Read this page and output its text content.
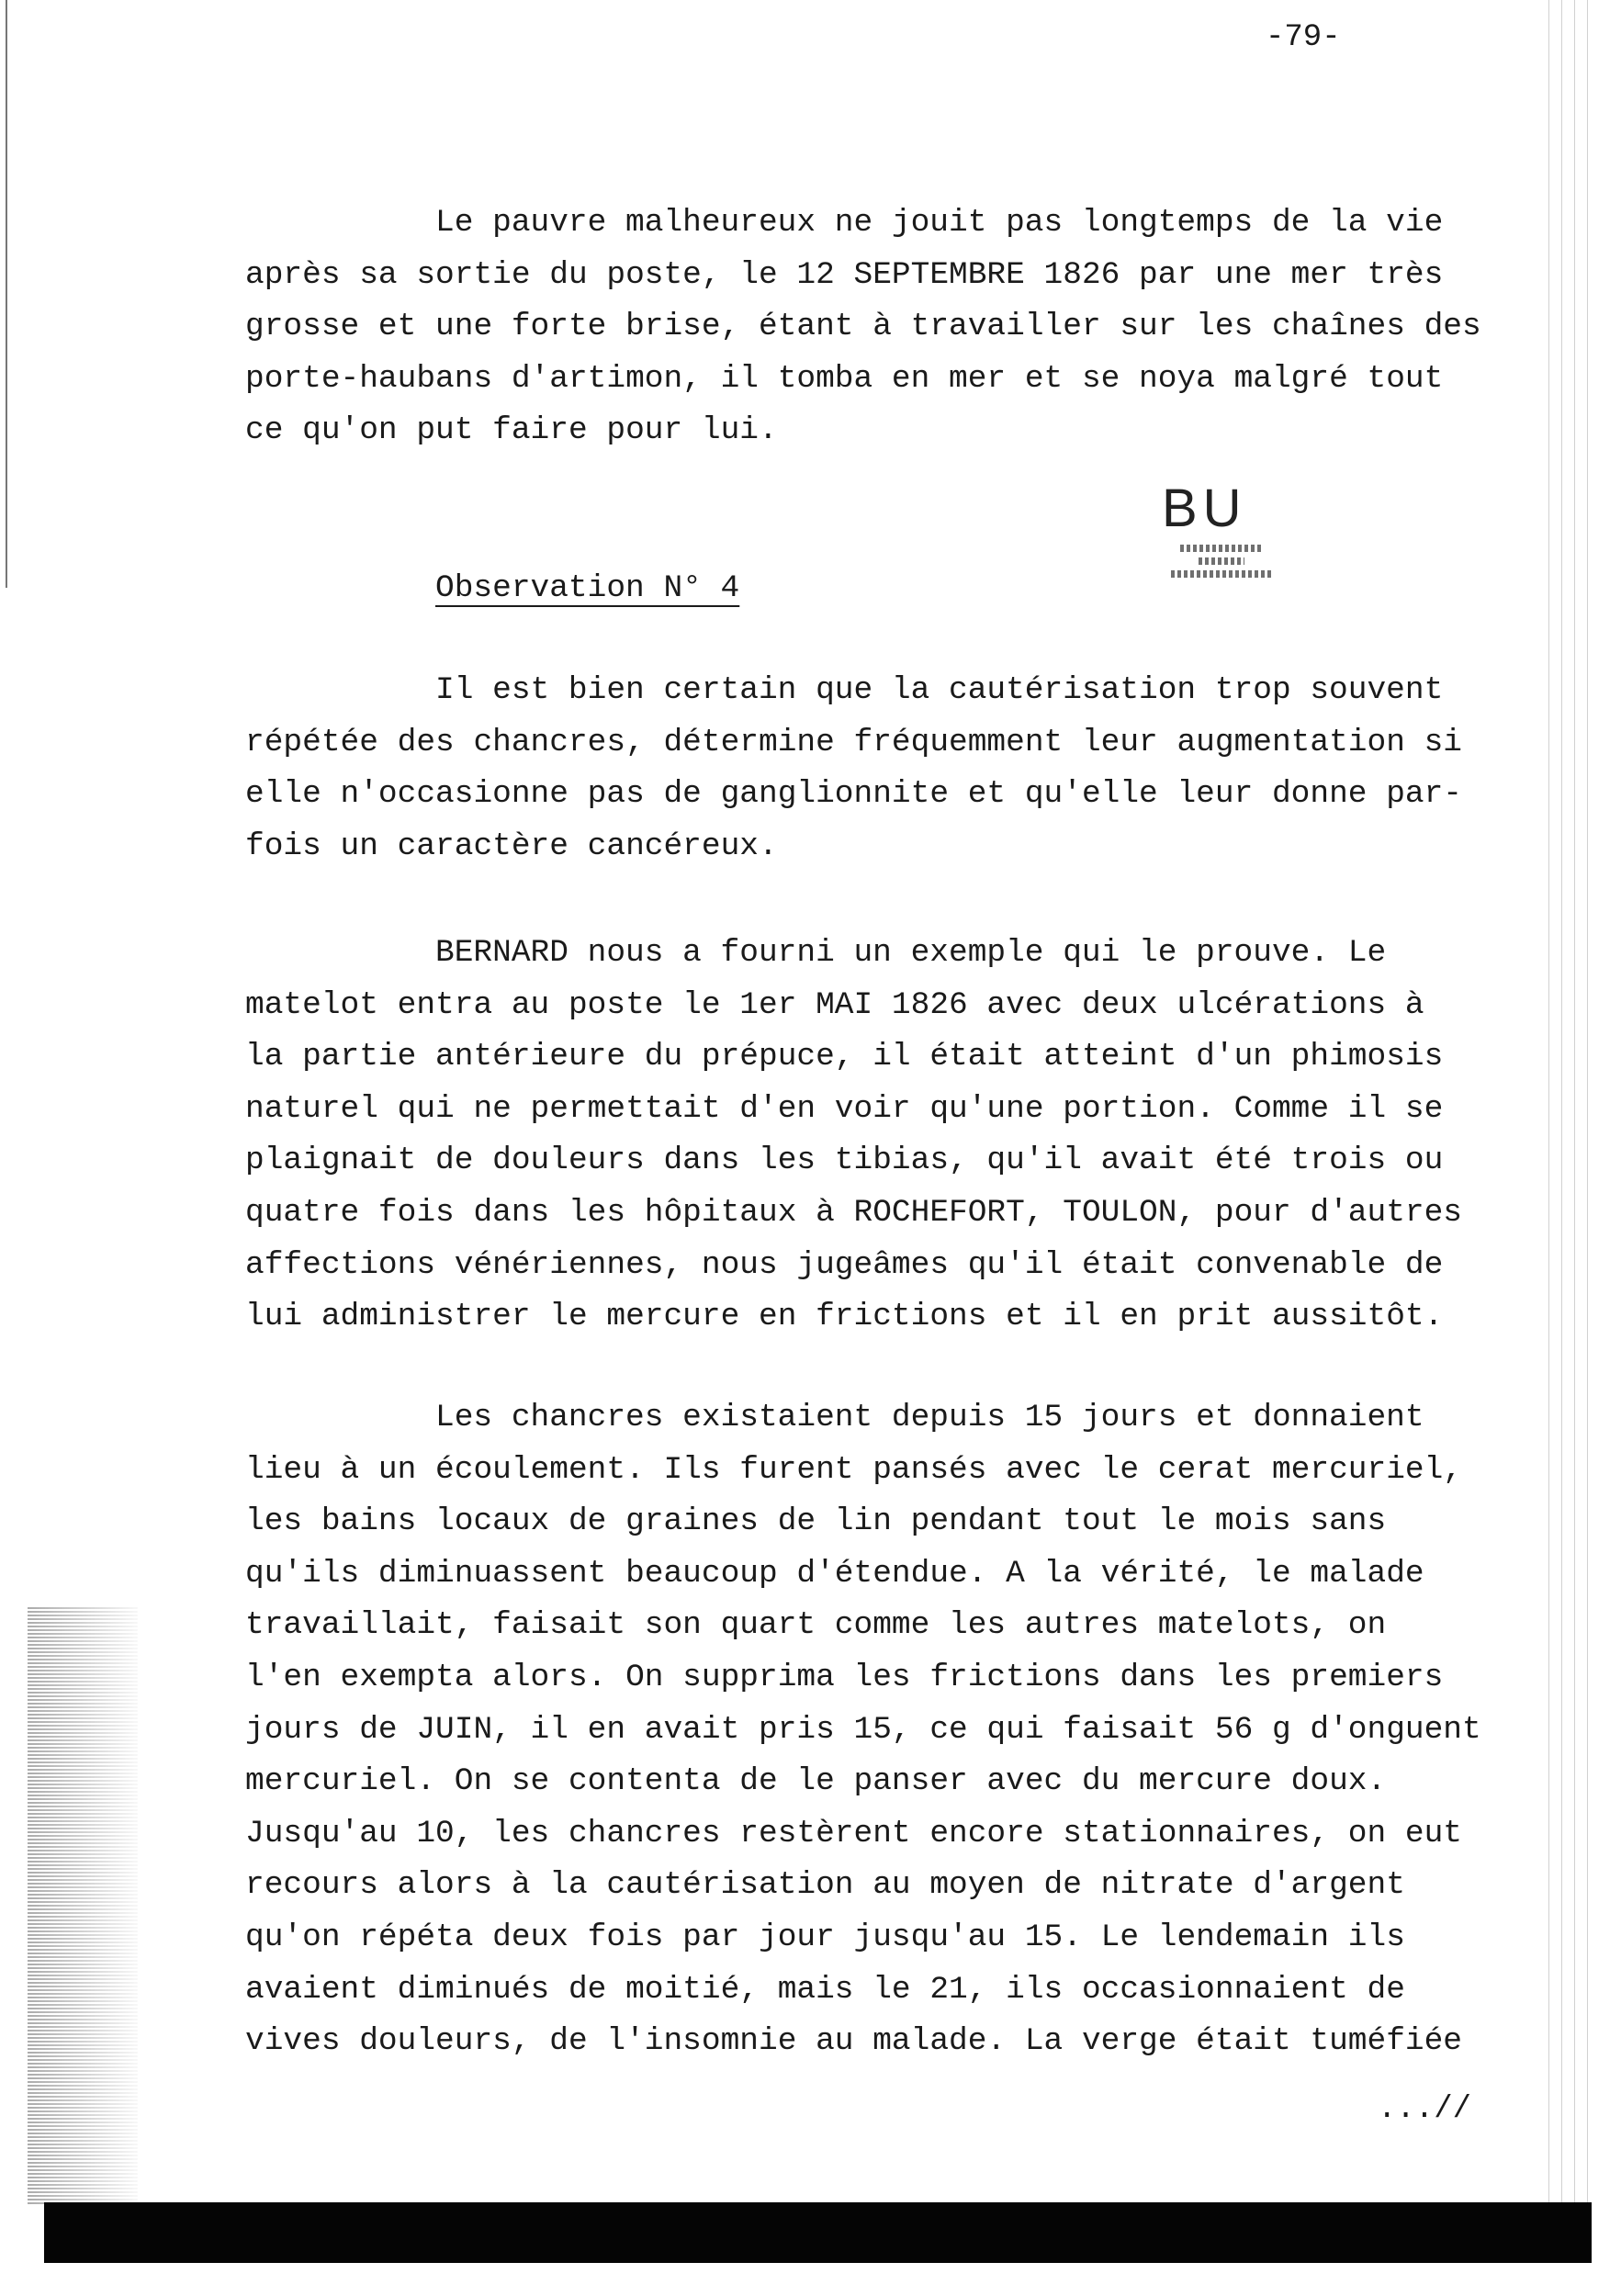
-79-
Le pauvre malheureux ne jouit pas longtemps de la vie
après sa sortie du poste, le 12 SEPTEMBRE 1826 par une mer très
grosse et une forte brise, étant à travailler sur les chaînes des
porte-haubans d'artimon, il tomba en mer et se noya malgré tout
ce qu'on put faire pour lui.
BU
Observation N° 4
Il est bien certain que la cautérisation trop souvent
répétée des chancres, détermine fréquemment leur augmentation si
elle n'occasionne pas de ganglionnite et qu'elle leur donne par-
fois un caractère cancéreux.
BERNARD nous a fourni un exemple qui le prouve. Le
matelot entra au poste le 1er MAI 1826 avec deux ulcérations à
la partie antérieure du prépuce, il était atteint d'un phimosis
naturel qui ne permettait d'en voir qu'une portion. Comme il se
plaignait de douleurs dans les tibias, qu'il avait été trois ou
quatre fois dans les hôpitaux à ROCHEFORT, TOULON, pour d'autres
affections vénériennes, nous jugeâmes qu'il était convenable de
lui administrer le mercure en frictions et il en prit aussitôt.
Les chancres existaient depuis 15 jours et donnaient
lieu à un écoulement. Ils furent pansés avec le cerat mercuriel,
les bains locaux de graines de lin pendant tout le mois sans
qu'ils diminuassent beaucoup d'étendue. A la vérité, le malade
travaillait, faisait son quart comme les autres matelots, on
l'en exempta alors. On supprima les frictions dans les premiers
jours de JUIN, il en avait pris 15, ce qui faisait 56 g d'onguent
mercuriel. On se contenta de le panser avec du mercure doux.
Jusqu'au 10, les chancres restèrent encore stationnaires, on eut
recours alors à la cautérisation au moyen de nitrate d'argent
qu'on répéta deux fois par jour jusqu'au 15. Le lendemain ils
avaient diminués de moitié, mais le 21, ils occasionnaient de
vives douleurs, de l'insomnie au malade. La verge était tuméfiée
...//
